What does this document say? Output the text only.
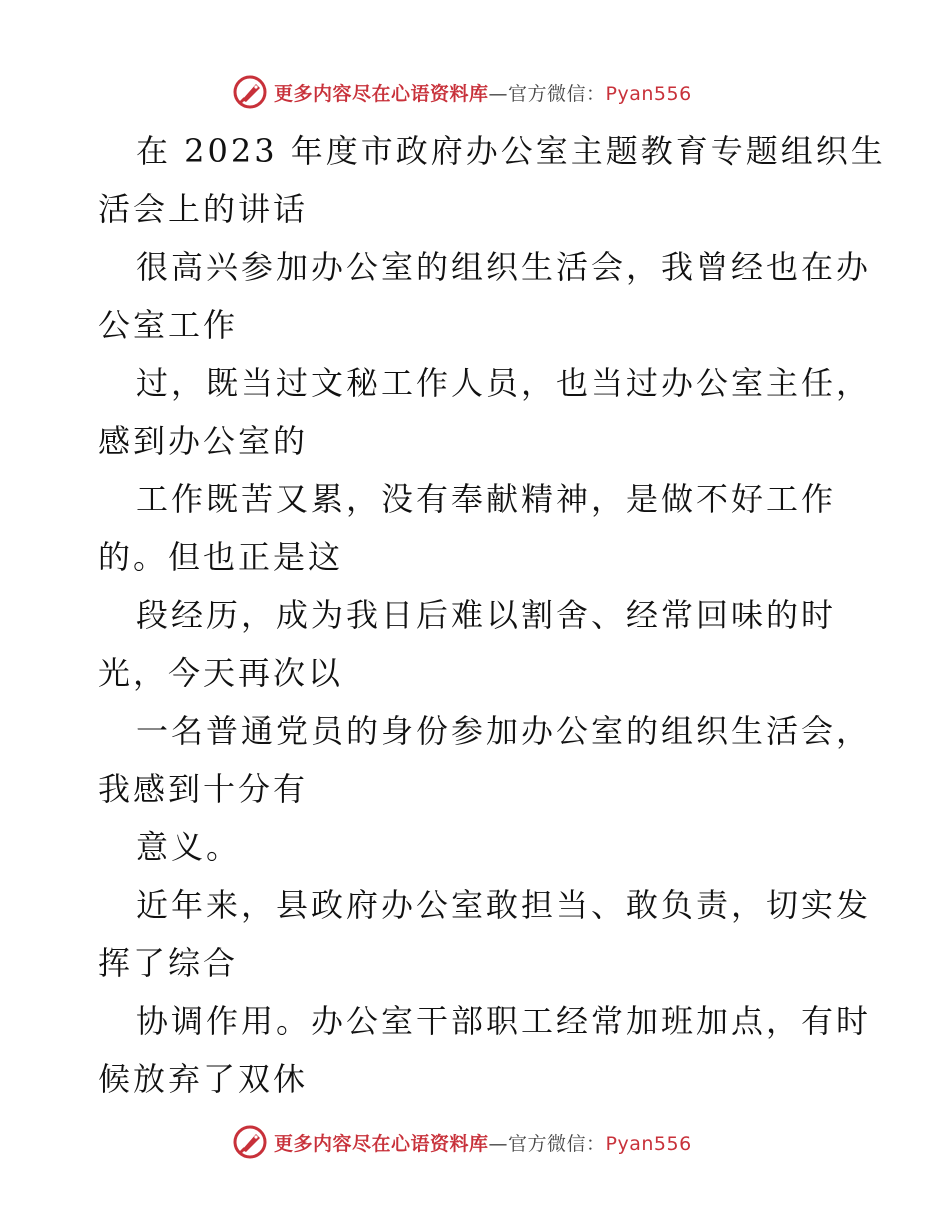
更多内容尽在心语资料库—官方微信：Pyan556
在 2023 年度市政府办公室主题教育专题组织生
活会上的讲话
很高兴参加办公室的组织生活会，我曾经也在办
公室工作
过，既当过文秘工作人员，也当过办公室主任，
感到办公室的
工作既苦又累，没有奉献精神，是做不好工作
的。但也正是这
段经历，成为我日后难以割舍、经常回味的时
光，今天再次以
一名普通党员的身份参加办公室的组织生活会，
我感到十分有
意义。
近年来，县政府办公室敢担当、敢负责，切实发
挥了综合
协调作用。办公室干部职工经常加班加点，有时
候放弃了双休
更多内容尽在心语资料库—官方微信：Pyan556
